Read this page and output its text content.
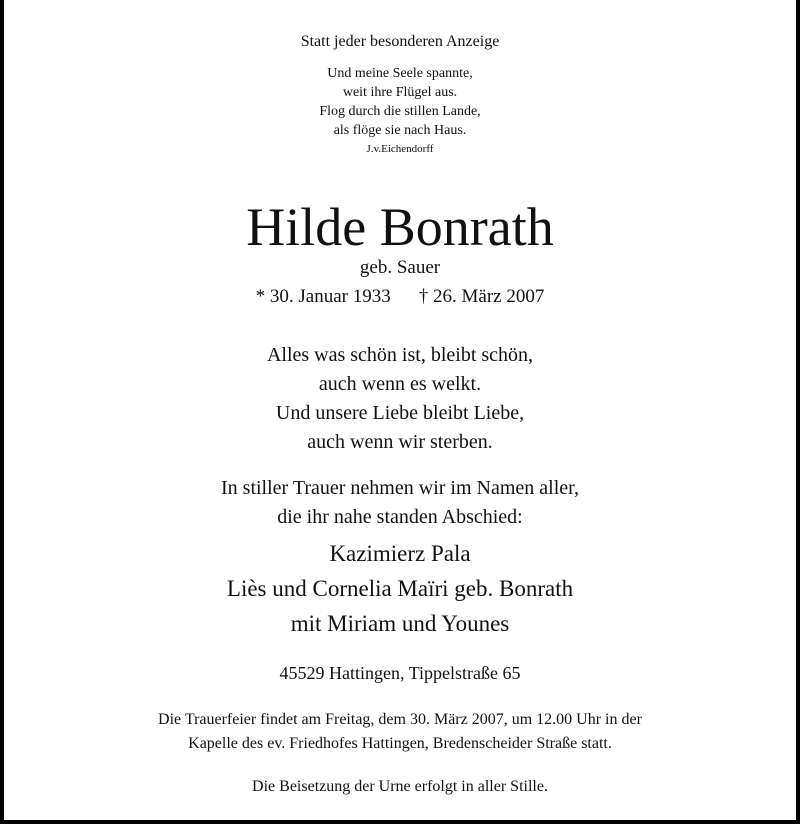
Statt jeder besonderen Anzeige
Und meine Seele spannte,
weit ihre Flügel aus.
Flog durch die stillen Lande,
als flöge sie nach Haus.
J.v.Eichendorff
Hilde Bonrath
geb. Sauer
* 30. Januar 1933 † 26. März 2007
Alles was schön ist, bleibt schön,
auch wenn es welkt.
Und unsere Liebe bleibt Liebe,
auch wenn wir sterben.
In stiller Trauer nehmen wir im Namen aller,
die ihr nahe standen Abschied:
Kazimierz Pala
Liès und Cornelia Maïri geb. Bonrath
mit Miriam und Younes
45529 Hattingen, Tippelstraße 65
Die Trauerfeier findet am Freitag, dem 30. März 2007, um 12.00 Uhr in der
Kapelle des ev. Friedhofes Hattingen, Bredenscheider Straße statt.
Die Beisetzung der Urne erfolgt in aller Stille.
